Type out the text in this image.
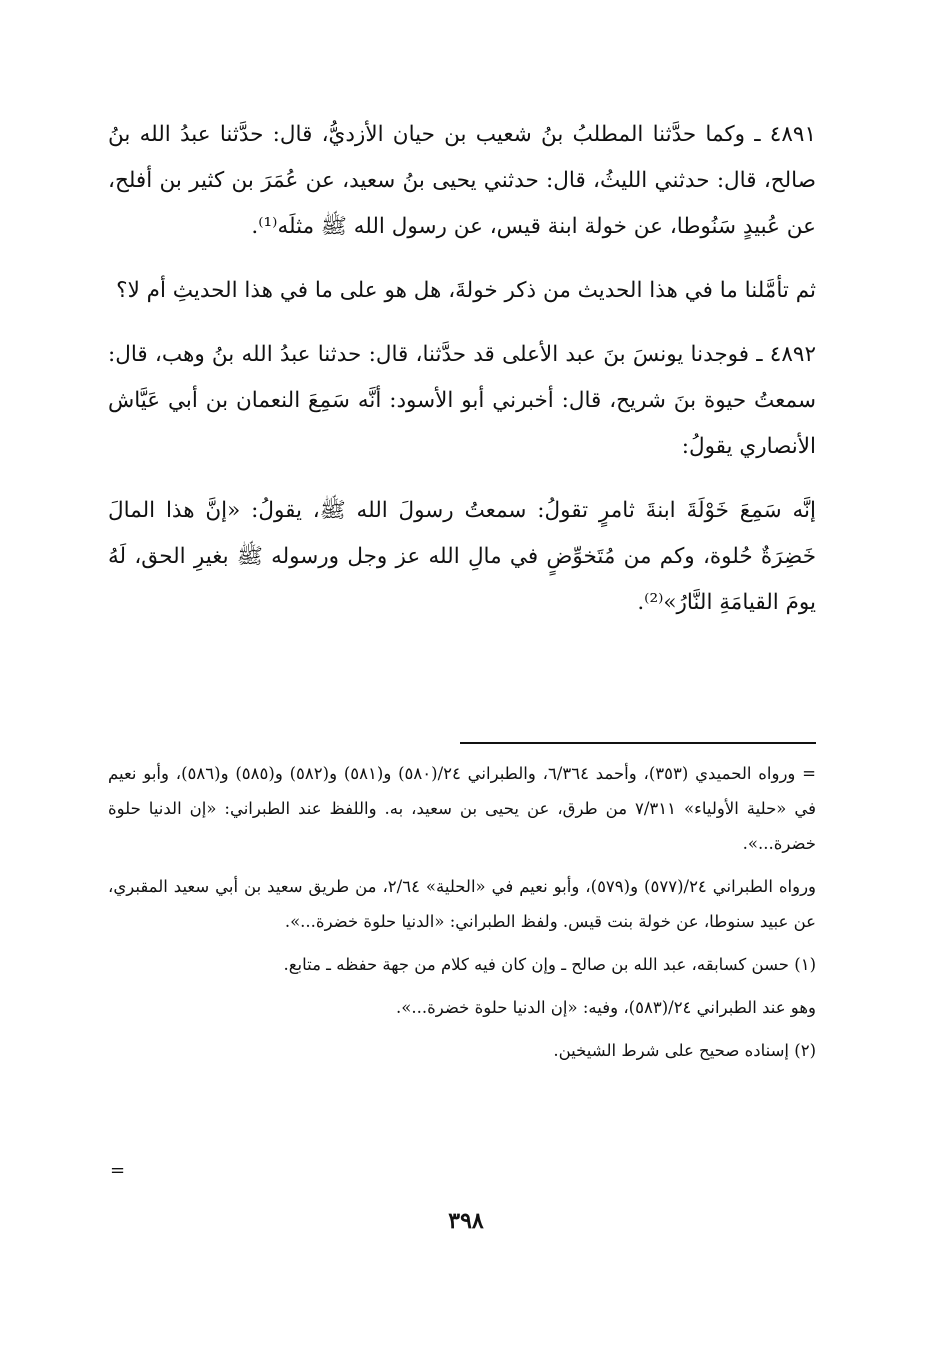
٤٨٩١ ـ وكما حدَّثنا المطلبُ بنُ شعيب بن حيان الأزديُّ، قال: حدَّثنا عبدُ الله بنُ صالح، قال: حدثني الليثُ، قال: حدثني يحيى بنُ سعيد، عن عُمَرَ بن كثير بن أفلح، عن عُبيدٍ سَنُوطا، عن خولة ابنة قيس، عن رسول الله ﷺ مثلَه⁽¹⁾.

ثم تأمَّلنا ما في هذا الحديث من ذكر خولةَ، هل هو على ما في هذا الحديثِ أم لا؟

٤٨٩٢ ـ فوجدنا يونسَ بنَ عبد الأعلى قد حدَّثنا، قال: حدثنا عبدُ الله بنُ وهب، قال: سمعتُ حيوة بنَ شريح، قال: أخبرني أبو الأسود: أنَّه سَمِعَ النعمان بن أبي عَيَّاش الأنصاري يقولُ:

إنَّه سَمِعَ خَوْلَةَ ابنةَ ثامرٍ تقولُ: سمعتُ رسولَ الله ﷺ، يقولُ: «إنَّ هذا المالَ خَضِرَةٌ حُلوة، وكم من مُتَخوِّضٍ في مالِ الله عز وجل ورسوله ﷺ بغيرِ الحق، لَهُ يومَ القيامَةِ النَّارُ»⁽²⁾.

= ورواه الحميدي (٣٥٣)، وأحمد ٦/٣٦٤، والطبراني ٢٤/(٥٨٠) و(٥٨١) و(٥٨٢) و(٥٨٥) و(٥٨٦)، وأبو نعيم في «حلية الأولياء» ٧/٣١١ من طرق، عن يحيى بن سعيد، به. واللفظ عند الطبراني: «إن الدنيا حلوة خضرة...».

ورواه الطبراني ٢٤/(٥٧٧) و(٥٧٩)، وأبو نعيم في «الحلية» ٢/٦٤، من طريق سعيد بن أبي سعيد المقبري، عن عبيد سنوطا، عن خولة بنت قيس. ولفظ الطبراني: «الدنيا حلوة خضرة...».

(١) حسن كسابقه، عبد الله بن صالح ـ وإن كان فيه كلام من جهة حفظه ـ متابع.

وهو عند الطبراني ٢٤/(٥٨٣)، وفيه: «إن الدنيا حلوة خضرة...».

(٢) إسناده صحيح على شرط الشيخين.

=
٣٩٨
